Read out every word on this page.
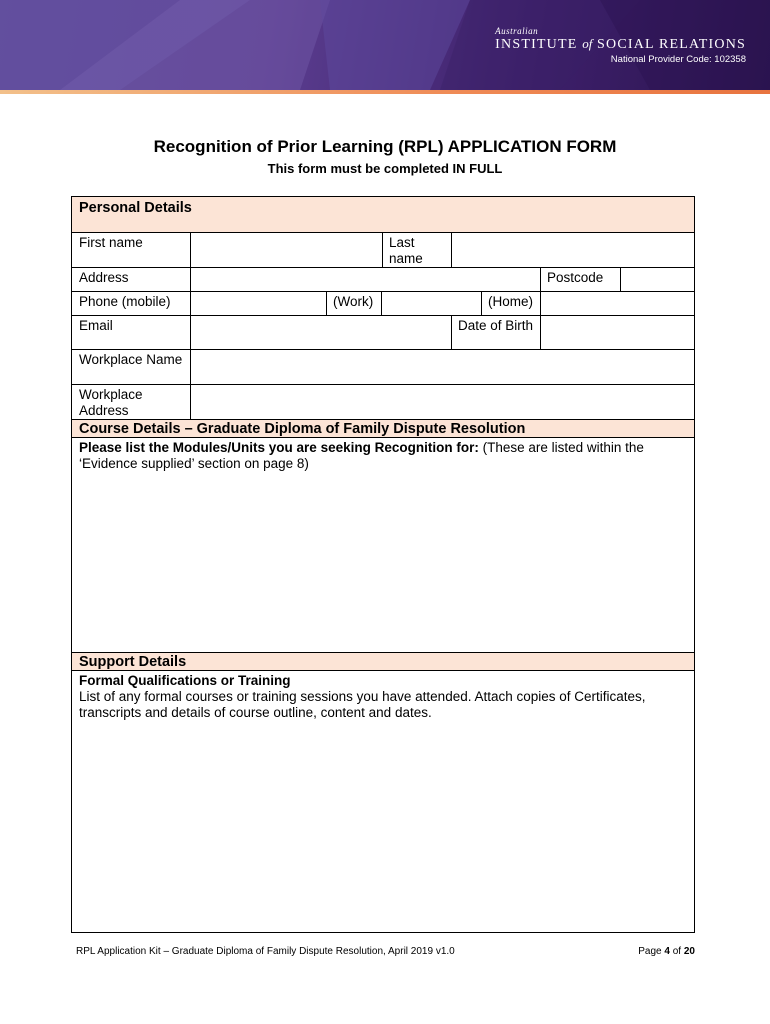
Australian
INSTITUTE of SOCIAL RELATIONS
National Provider Code: 102358
Recognition of Prior Learning (RPL) APPLICATION FORM
This form must be completed IN FULL
Personal Details
First name	Last name
Address	Postcode
Phone (mobile)	(Work)	(Home)
Email	Date of Birth
Workplace Name
Workplace Address
Course Details – Graduate Diploma of Family Dispute Resolution
Please list the Modules/Units you are seeking Recognition for: (These are listed within the ‘Evidence supplied’ section on page 8)
Support Details
Formal Qualifications or Training
List of any formal courses or training sessions you have attended. Attach copies of Certificates, transcripts and details of course outline, content and dates.
RPL Application Kit – Graduate Diploma of Family Dispute Resolution, April 2019 v1.0	Page 4 of 20
